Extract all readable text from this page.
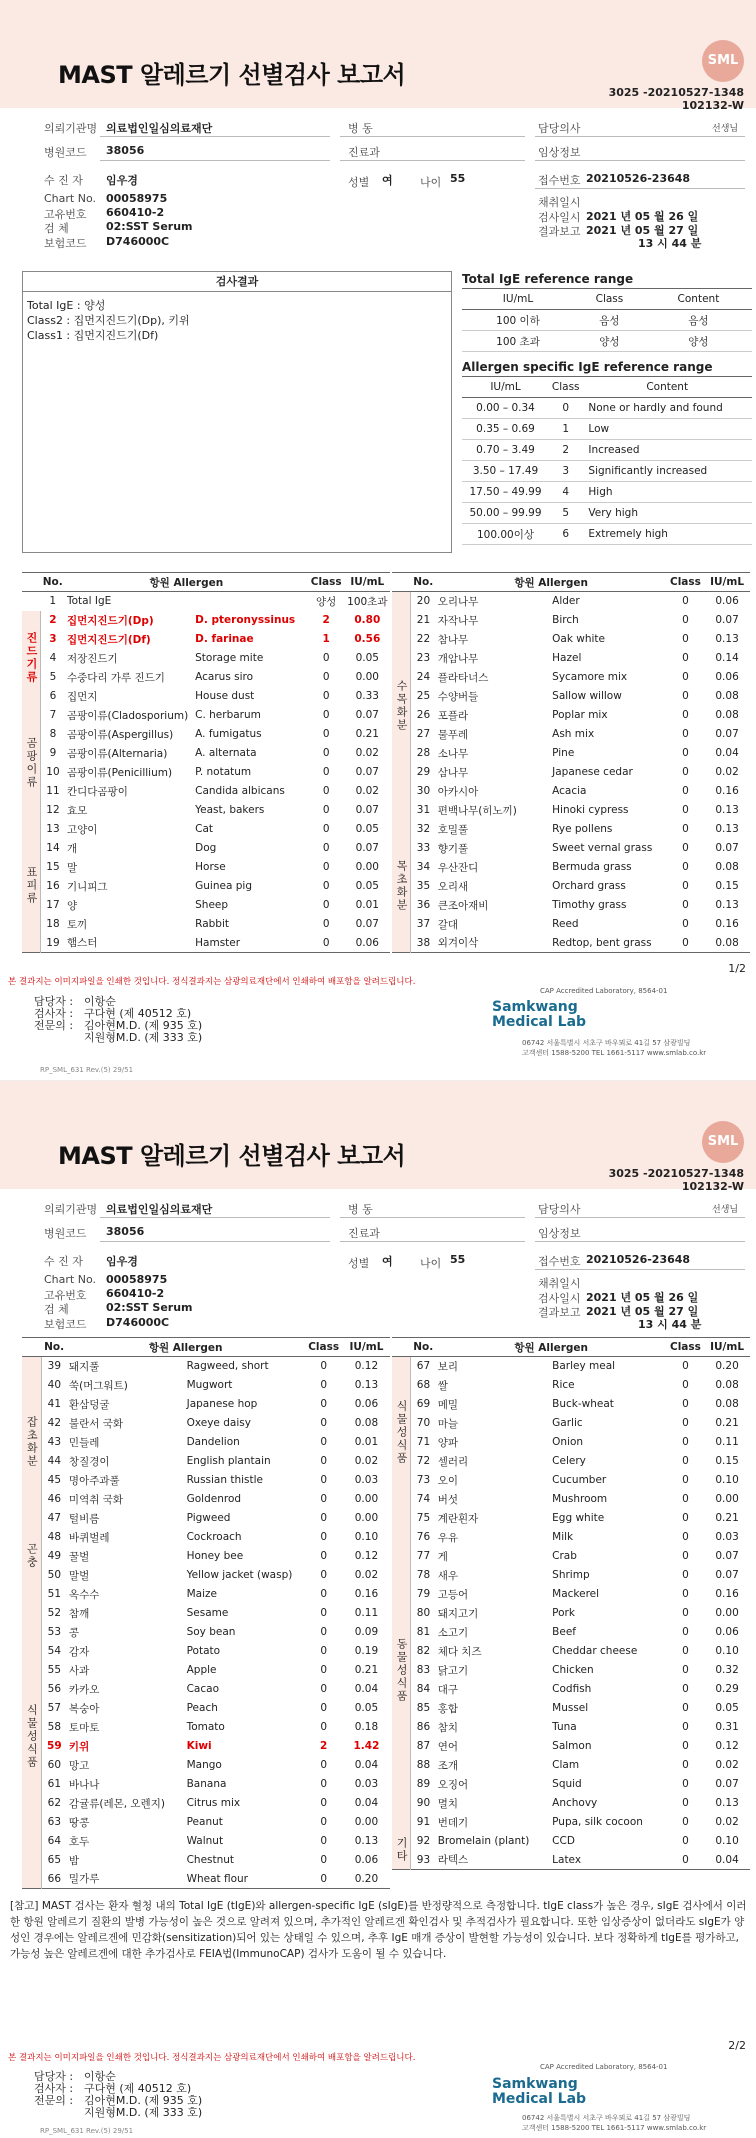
MAST 알레르기 선별검사 보고서
SML
3025 -20210527-1348
102132-W
의뢰기관명 의료법인일심의료재단	병 동	담당의사	선생님
병원코드 38056	진료과	임상정보
수 진 자 임우경	성별 여 나이 55	접수번호 20210526-23648
Chart No. 00058975
고유번호 660410-2
검 체	02:SST Serum
보험코드 D746000C
채취일시
검사일시 2021 년 05 월 26 일
결과보고 2021 년 05 월 27 일
13 시 44 분
검사결과
Total IgE : 양성
Class2 : 집먼지진드기(Dp), 키위
Class1 : 집먼지진드기(Df)
Total IgE reference range
IU/mL	Class	Content
100 이하	음성	음성
100 초과	양성	양성
Allergen specific IgE reference range
IU/mL	Class	Content
0.00 – 0.34	0	None or hardly and found
0.35 – 0.69	1	Low
0.70 – 3.49	2	Increased
3.50 – 17.49	3	Significantly increased
17.50 – 49.99	4	High
50.00 – 99.99	5	Very high
100.00이상	6	Extremely high
	No.	항원 Allergen		Class	IU/mL
	1	Total IgE		양성	100초과
진드기류	2	집먼지진드기(Dp)	D. pteronyssinus	2	0.80
	3	집먼지진드기(Df)	D. farinae	1	0.56
	4	저장진드기	Storage mite	0	0.05
	5	수중다리 가루 진드기	Acarus siro	0	0.00
	6	집먼지	House dust	0	0.33
곰팡이류	7	곰팡이류(Cladosporium)	C. herbarum	0	0.07
	8	곰팡이류(Aspergillus)	A. fumigatus	0	0.21
	9	곰팡이류(Alternaria)	A. alternata	0	0.02
	10	곰팡이류(Penicillium)	P. notatum	0	0.07
	11	칸디다곰팡이	Candida albicans	0	0.02
	12	효모	Yeast, bakers	0	0.07
표피류	13	고양이	Cat	0	0.05
	14	개	Dog	0	0.07
	15	말	Horse	0	0.00
	16	기니피그	Guinea pig	0	0.05
	17	양	Sheep	0	0.01
	18	토끼	Rabbit	0	0.07
	19	햄스터	Hamster	0	0.06
	No.	항원 Allergen		Class	IU/mL
수목화분	20	오리나무	Alder	0	0.06
	21	자작나무	Birch	0	0.07
	22	참나무	Oak white	0	0.13
	23	개암나무	Hazel	0	0.14
	24	플라타너스	Sycamore mix	0	0.06
	25	수양버들	Sallow willow	0	0.08
	26	포플라	Poplar mix	0	0.08
	27	물푸레	Ash mix	0	0.07
	28	소나무	Pine	0	0.04
	29	삼나무	Japanese cedar	0	0.02
	30	아카시아	Acacia	0	0.16
	31	편백나무(히노끼)	Hinoki cypress	0	0.13
목초화분	32	호밀풀	Rye pollens	0	0.13
	33	향기풀	Sweet vernal grass	0	0.07
	34	우산잔디	Bermuda grass	0	0.08
	35	오리새	Orchard grass	0	0.15
	36	큰조아재비	Timothy grass	0	0.13
	37	갈대	Reed	0	0.16
	38	외겨이삭	Redtop, bent grass	0	0.08
1/2
본 결과지는 이미지파일을 인쇄한 것입니다. 정식결과지는 삼광의료재단에서 인쇄하여 배포함을 알려드립니다.
CAP Accredited Laboratory, 8564-01
담당자 : 이항순
검사자 : 구다현 (제 40512 호)
전문의 : 김아현M.D. (제 935 호)
지원형M.D. (제 333 호)
Samkwang
Medical Lab
06742 서울특별시 서초구 바우뫼로 41길 57 삼광빌딩
고객센터 1588-5200 TEL 1661-5117 www.smlab.co.kr
RP_SML_631 Rev.(5) 29/51
MAST 알레르기 선별검사 보고서
SML
3025 -20210527-1348
102132-W
의뢰기관명 의료법인일심의료재단	병 동	담당의사	선생님
병원코드 38056	진료과	임상정보
수 진 자 임우경	성별 여 나이 55	접수번호 20210526-23648
Chart No. 00058975
고유번호 660410-2
검 체	02:SST Serum
보험코드 D746000C
채취일시
검사일시 2021 년 05 월 26 일
결과보고 2021 년 05 월 27 일
13 시 44 분
	No.	항원 Allergen		Class	IU/mL
잡초화분	39	돼지풀	Ragweed, short	0	0.12
	40	쑥(머그워트)	Mugwort	0	0.13
	41	환삼덩굴	Japanese hop	0	0.06
	42	불란서 국화	Oxeye daisy	0	0.08
	43	민들레	Dandelion	0	0.01
	44	창질경이	English plantain	0	0.02
	45	명아주과풀	Russian thistle	0	0.03
	46	미역취 국화	Goldenrod	0	0.00
	47	털비름	Pigweed	0	0.00
곤충	48	바퀴벌레	Cockroach	0	0.10
	49	꿀벌	Honey bee	0	0.12
	50	말벌	Yellow jacket (wasp)	0	0.02
식물성식품	51	옥수수	Maize	0	0.16
	52	참깨	Sesame	0	0.11
	53	콩	Soy bean	0	0.09
	54	감자	Potato	0	0.19
	55	사과	Apple	0	0.21
	56	카카오	Cacao	0	0.04
	57	복숭아	Peach	0	0.05
	58	토마토	Tomato	0	0.18
	59	키위	Kiwi	2	1.42
	60	망고	Mango	0	0.04
	61	바나나	Banana	0	0.03
	62	감귤류(레몬, 오렌지)	Citrus mix	0	0.04
	63	땅콩	Peanut	0	0.00
	64	호두	Walnut	0	0.13
	65	밤	Chestnut	0	0.06
	66	밀가루	Wheat flour	0	0.20
	No.	항원 Allergen		Class	IU/mL
식물성식품	67	보리	Barley meal	0	0.20
	68	쌀	Rice	0	0.08
	69	메밀	Buck-wheat	0	0.08
	70	마늘	Garlic	0	0.21
	71	양파	Onion	0	0.11
	72	셀러리	Celery	0	0.15
	73	오이	Cucumber	0	0.10
	74	버섯	Mushroom	0	0.00
동물성식품	75	계란흰자	Egg white	0	0.21
	76	우유	Milk	0	0.03
	77	게	Crab	0	0.07
	78	새우	Shrimp	0	0.07
	79	고등어	Mackerel	0	0.16
	80	돼지고기	Pork	0	0.00
	81	소고기	Beef	0	0.06
	82	체다 치즈	Cheddar cheese	0	0.10
	83	닭고기	Chicken	0	0.32
	84	대구	Codfish	0	0.29
	85	홍합	Mussel	0	0.05
	86	참치	Tuna	0	0.31
	87	연어	Salmon	0	0.12
	88	조개	Clam	0	0.02
	89	오징어	Squid	0	0.07
	90	멸치	Anchovy	0	0.13
	91	번데기	Pupa, silk cocoon	0	0.02
기타	92	Bromelain (plant)	CCD	0	0.10
	93	라텍스	Latex	0	0.04
2/2
본 결과지는 이미지파일을 인쇄한 것입니다. 정식결과지는 삼광의료재단에서 인쇄하여 배포함을 알려드립니다.
CAP Accredited Laboratory, 8564-01
담당자 : 이항순
검사자 : 구다현 (제 40512 호)
전문의 : 김아현M.D. (제 935 호)
지원형M.D. (제 333 호)
Samkwang
Medical Lab
06742 서울특별시 서초구 바우뫼로 41길 57 삼광빌딩
고객센터 1588-5200 TEL 1661-5117 www.smlab.co.kr
RP_SML_631 Rev.(5) 29/51
[참고] MAST 검사는 환자 혈청 내의 Total IgE (tIgE)와 allergen-specific IgE (sIgE)를 반정량적으로 측정합니다. tIgE class가 높은 경우, sIgE 검사에서 이러한 항원 알레르기 질환의 발병 가능성이 높은 것으로 알려져 있으며, 추가적인 알레르겐 확인검사 및 추적검사가 필요합니다. 또한 임상증상이 없더라도 sIgE가 양성인 경우에는 알레르겐에 민감화(sensitization)되어 있는 상태일 수 있으며, 추후 IgE 매개 증상이 발현할 가능성이 있습니다. 보다 정확하게 tIgE를 평가하고, 가능성 높은 알레르겐에 대한 추가검사로 FEIA법(ImmunoCAP) 검사가 도움이 될 수 있습니다.
